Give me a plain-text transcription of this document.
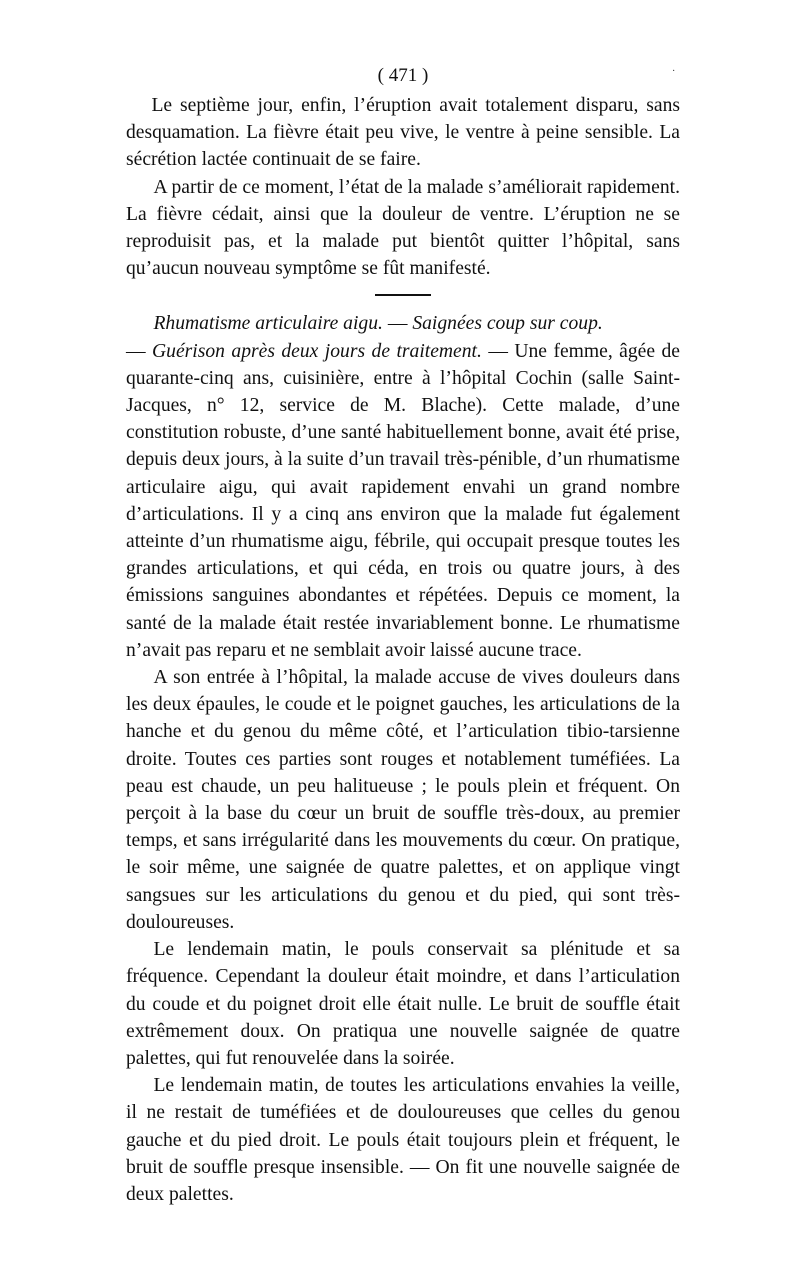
·
( 471 )

Le septième jour, enfin, l’éruption avait totalement disparu, sans desquamation. La fièvre était peu vive, le ventre à peine sensible. La sécrétion lactée continuait de se faire.

A partir de ce moment, l’état de la malade s’améliorait rapidement. La fièvre cédait, ainsi que la douleur de ventre. L’éruption ne se reproduisit pas, et la malade put bientôt quitter l’hôpital, sans qu’aucun nouveau symptôme se fût manifesté.

Rhumatisme articulaire aigu. — Saignées coup sur coup.
— Guérison après deux jours de traitement. — Une femme, âgée de quarante-cinq ans, cuisinière, entre à l’hôpital Cochin (salle Saint-Jacques, n° 12, service de M. Blache). Cette malade, d’une constitution robuste, d’une santé habituellement bonne, avait été prise, depuis deux jours, à la suite d’un travail très-pénible, d’un rhumatisme articulaire aigu, qui avait rapidement envahi un grand nombre d’articulations. Il y a cinq ans environ que la malade fut également atteinte d’un rhumatisme aigu, fébrile, qui occupait presque toutes les grandes articulations, et qui céda, en trois ou quatre jours, à des émissions sanguines abondantes et répétées. Depuis ce moment, la santé de la malade était restée invariablement bonne. Le rhumatisme n’avait pas reparu et ne semblait avoir laissé aucune trace.

A son entrée à l’hôpital, la malade accuse de vives douleurs dans les deux épaules, le coude et le poignet gauches, les articulations de la hanche et du genou du même côté, et l’articulation tibio-tarsienne droite. Toutes ces parties sont rouges et notablement tuméfiées. La peau est chaude, un peu halitueuse ; le pouls plein et fréquent. On perçoit à la base du cœur un bruit de souffle très-doux, au premier temps, et sans irrégularité dans les mouvements du cœur. On pratique, le soir même, une saignée de quatre palettes, et on applique vingt sangsues sur les articulations du genou et du pied, qui sont très-douloureuses.

Le lendemain matin, le pouls conservait sa plénitude et sa fréquence. Cependant la douleur était moindre, et dans l’articulation du coude et du poignet droit elle était nulle. Le bruit de souffle était extrêmement doux. On pratiqua une nouvelle saignée de quatre palettes, qui fut renouvelée dans la soirée.

Le lendemain matin, de toutes les articulations envahies la veille, il ne restait de tuméfiées et de douloureuses que celles du genou gauche et du pied droit. Le pouls était toujours plein et fréquent, le bruit de souffle presque insensible. — On fit une nouvelle saignée de deux palettes.
